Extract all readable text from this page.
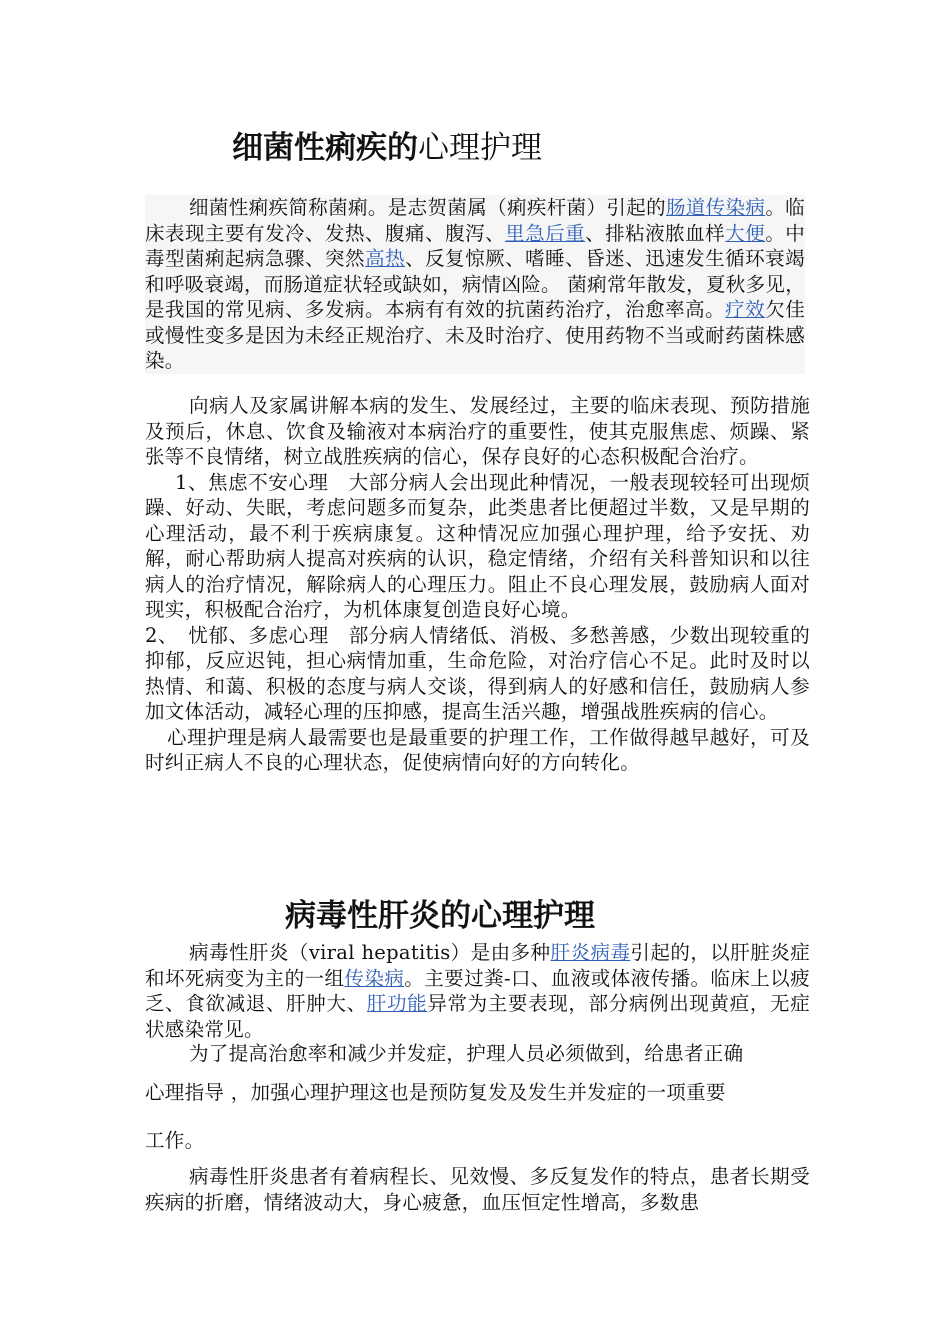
细菌性痢疾的心理护理

细菌性痢疾简称菌痢。是志贺菌属（痢疾杆菌）引起的肠道传染病。临床表现主要有发冷、发热、腹痛、腹泻、里急后重、排粘液脓血样大便。中毒型菌痢起病急骤、突然高热、反复惊厥、嗜睡、昏迷、迅速发生循环衰竭和呼吸衰竭，而肠道症状轻或缺如，病情凶险。 菌痢常年散发，夏秋多见，是我国的常见病、多发病。本病有有效的抗菌药治疗，治愈率高。疗效欠佳或慢性变多是因为未经正规治疗、未及时治疗、使用药物不当或耐药菌株感染。

向病人及家属讲解本病的发生、发展经过，主要的临床表现、预防措施及预后，休息、饮食及输液对本病治疗的重要性，使其克服焦虑、烦躁、紧张等不良情绪，树立战胜疾病的信心，保存良好的心态积极配合治疗。

1、焦虑不安心理　大部分病人会出现此种情况，一般表现较轻可出现烦躁、好动、失眠，考虑问题多而复杂，此类患者比便超过半数，又是早期的心理活动，最不利于疾病康复。这种情况应加强心理护理，给予安抚、劝解，耐心帮助病人提高对疾病的认识，稳定情绪，介绍有关科普知识和以往病人的治疗情况，解除病人的心理压力。阻止不良心理发展，鼓励病人面对现实，积极配合治疗，为机体康复创造良好心境。

2、　忧郁、多虑心理　部分病人情绪低、消极、多愁善感，少数出现较重的抑郁，反应迟钝，担心病情加重，生命危险，对治疗信心不足。此时及时以热情、和蔼、积极的态度与病人交谈，得到病人的好感和信任，鼓励病人参加文体活动，减轻心理的压抑感，提高生活兴趣，增强战胜疾病的信心。

心理护理是病人最需要也是最重要的护理工作，工作做得越早越好，可及时纠正病人不良的心理状态，促使病情向好的方向转化。

病毒性肝炎的心理护理

病毒性肝炎（viral hepatitis）是由多种肝炎病毒引起的，以肝脏炎症和坏死病变为主的一组传染病。主要过粪-口、血液或体液传播。临床上以疲乏、食欲减退、肝肿大、肝功能异常为主要表现，部分病例出现黄疸，无症状感染常见。

为了提高治愈率和减少并发症，护理人员必须做到，给患者正确

心理指导 ，加强心理护理这也是预防复发及发生并发症的一项重要

工作。

病毒性肝炎患者有着病程长、见效慢、多反复发作的特点，患者长期受疾病的折磨，情绪波动大，身心疲惫，血压恒定性增高，多数患
